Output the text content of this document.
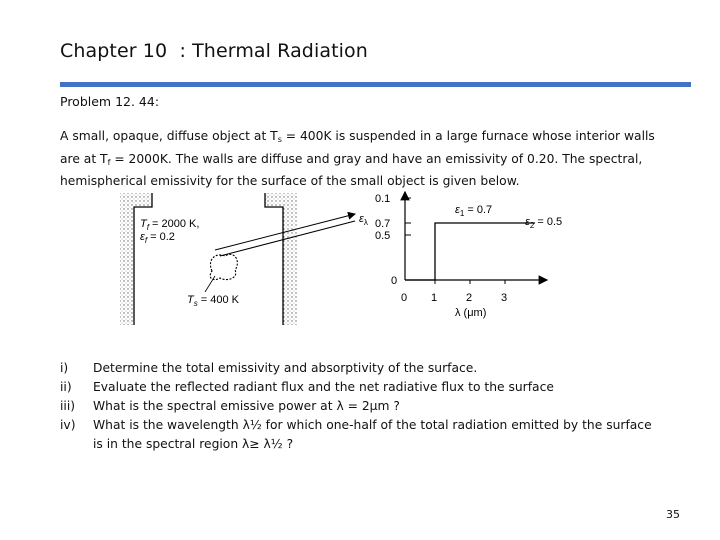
Chapter 10  : Thermal Radiation
Problem 12. 44:
A small, opaque, diffuse object at $T_s = 400K$ is suspended in a large furnace whose interior walls are at $T_f = 2000K$. The walls are diffuse and gray and have an emissivity of 0.20. The spectral, hemispherical emissivity for the surface of the small object is given below.
$T_f = 2000$ K,
$\varepsilon_f = 0.2$
$\varepsilon_\lambda$
$T_s = 400$ K
0.1
0.7
0.5
0
0 1	2	3
λ (μm)
$\varepsilon_1 = 0.7$
$\varepsilon_2 = 0.5$
i)	Determine the total emissivity and absorptivity of the surface.
ii)	Evaluate the reflected radiant flux and the net radiative flux to the surface
iii)	What is the spectral emissive power at λ = 2μm ?
iv)	What is the wavelength λ½ for which one-half of the total radiation emitted by the surface is in the spectral region λ≥ λ½ ?
35
